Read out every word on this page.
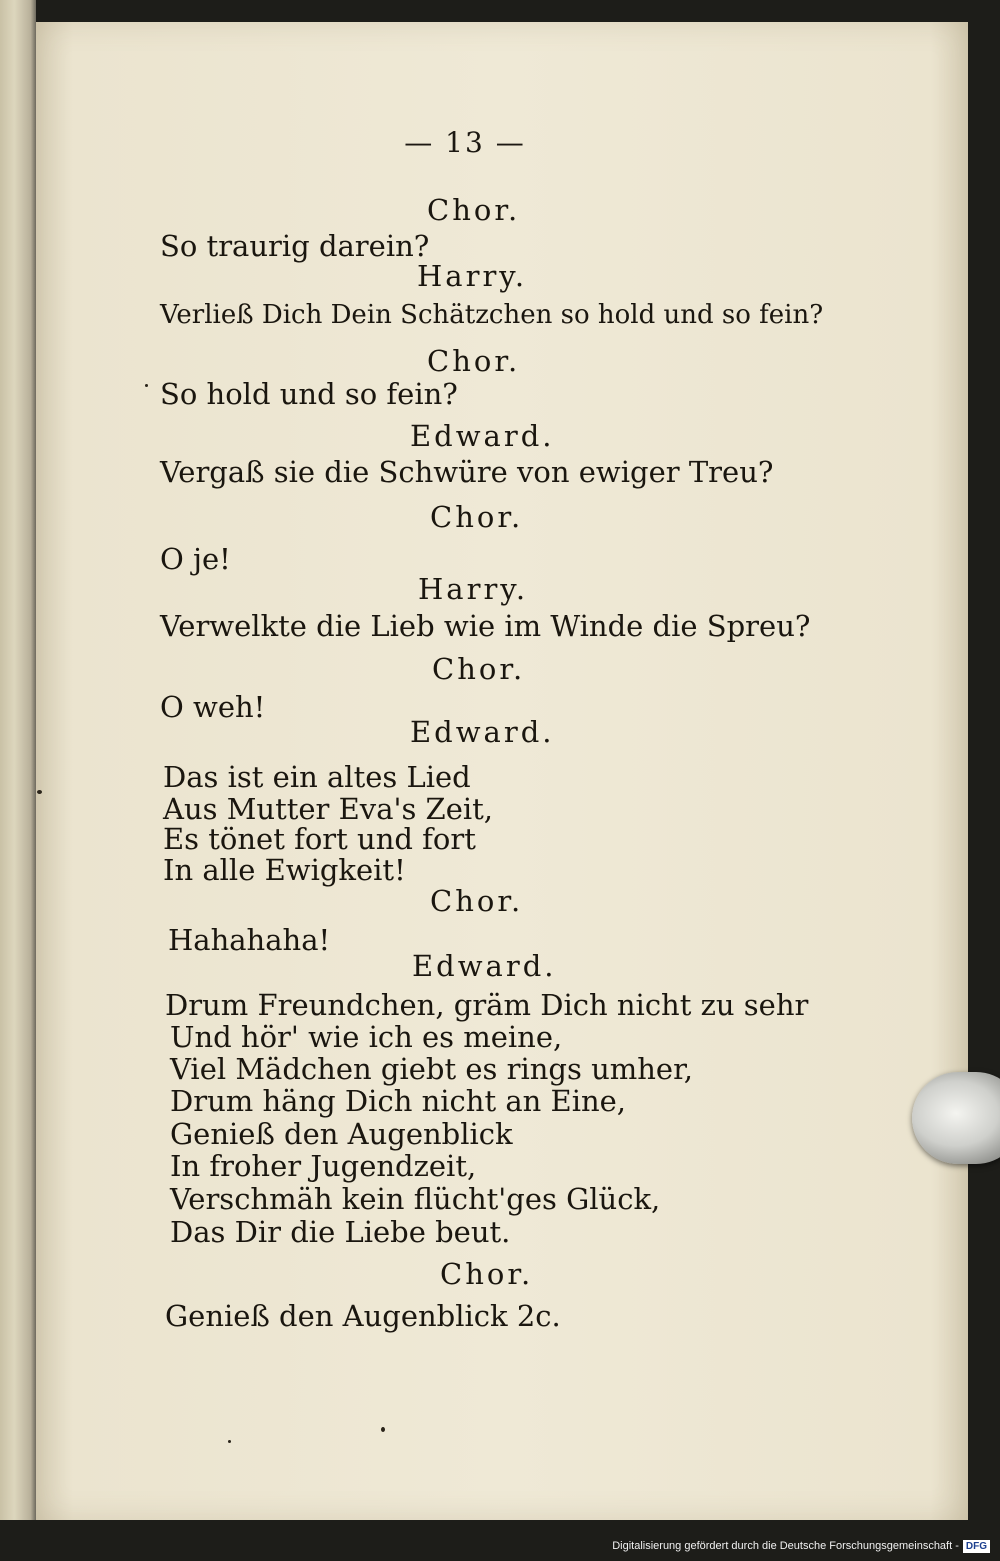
— 13 —
Chor.
So traurig darein?
Harry.
Verließ Dich Dein Schätzchen so hold und so fein?
Chor.
So hold und so fein?
Edward.
Vergaß sie die Schwüre von ewiger Treu?
Chor.
O je!
Harry.
Verwelkte die Lieb wie im Winde die Spreu?
Chor.
O weh!
Edward.
Das ist ein altes Lied
Aus Mutter Eva's Zeit,
Es tönet fort und fort
In alle Ewigkeit!
Chor.
Hahahaha!
Edward.
Drum Freundchen, gräm Dich nicht zu sehr
Und hör' wie ich es meine,
Viel Mädchen giebt es rings umher,
Drum häng Dich nicht an Eine,
Genieß den Augenblick
In froher Jugendzeit,
Verschmäh kein flücht'ges Glück,
Das Dir die Liebe beut.
Chor.
Genieß den Augenblick 2c.
Digitalisierung gefördert durch die Deutsche Forschungsgemeinschaft - DFG
